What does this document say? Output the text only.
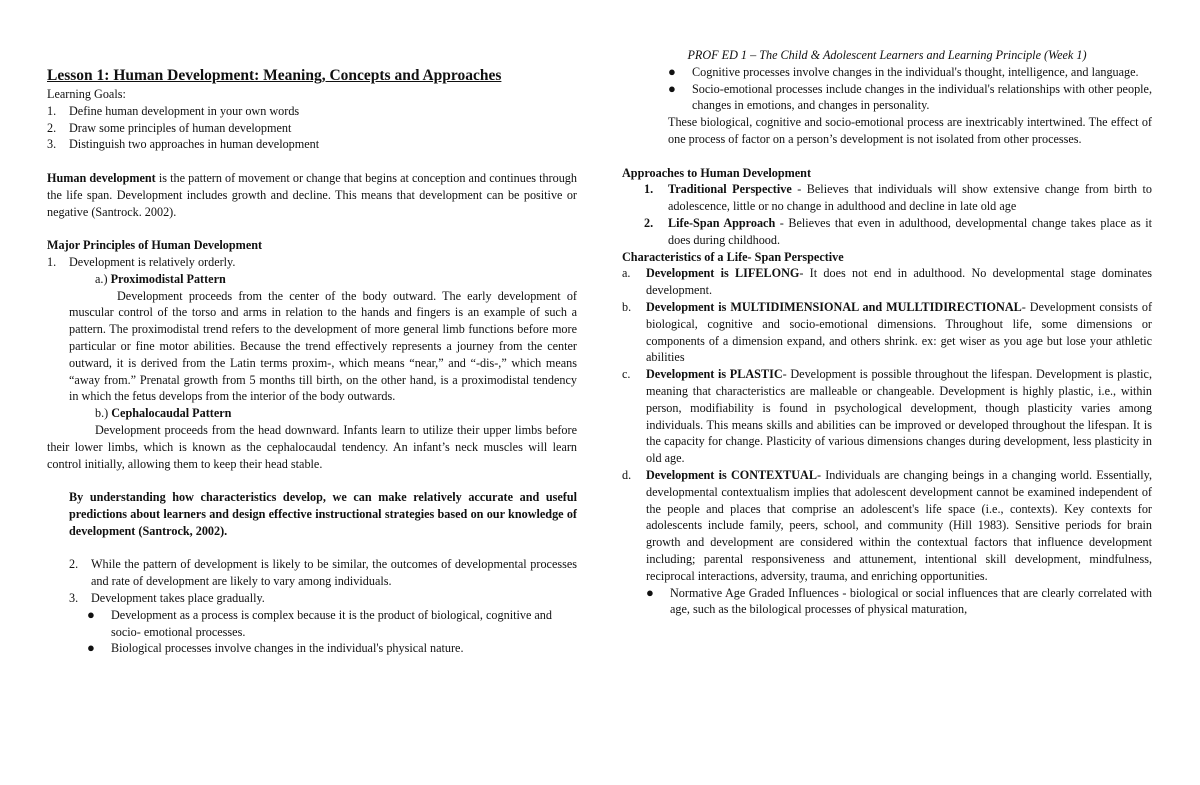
Lesson 1: Human Development: Meaning, Concepts and Approaches
Learning Goals:
1.	Define human development in your own words
2.	Draw some principles of human development
3.	Distinguish two approaches in human development
Human development is the pattern of movement or change that begins at conception and continues through the life span. Development includes growth and decline. This means that development can be positive or negative (Santrock. 2002).
Major Principles of Human Development
1.	Development is relatively orderly.
a.) Proximodistal Pattern
Development proceeds from the center of the body outward. The early development of muscular control of the torso and arms in relation to the hands and fingers is an example of such a pattern. The proximodistal trend refers to the development of more general limb functions before more particular or fine motor abilities. Because the trend effectively represents a journey from the center outward, it is derived from the Latin terms proxim-, which means “near,” and “-dis-,” which means “away from.” Prenatal growth from 5 months till birth, on the other hand, is a proximodistal tendency in which the fetus develops from the interior of the body outwards.
b.) Cephalocaudal Pattern
Development proceeds from the head downward. Infants learn to utilize their upper limbs before their lower limbs, which is known as the cephalocaudal tendency. An infant’s neck muscles will learn control initially, allowing them to keep their head stable.
By understanding how characteristics develop, we can make relatively accurate and useful predictions about learners and design effective instructional strategies based on our knowledge of development (Santrock, 2002).
2.	While the pattern of development is likely to be similar, the outcomes of developmental processes and rate of development are likely to vary among individuals.
3.	Development takes place gradually.
●	Development as a process is complex because it is the product of biological, cognitive and socio- emotional processes.
●	Biological processes involve changes in the individual's physical nature.
PROF ED 1 – The Child & Adolescent Learners and Learning Principle (Week 1)
●	Cognitive processes involve changes in the individual's thought, intelligence, and language.
●	Socio-emotional processes include changes in the individual's relationships with other people, changes in emotions, and changes in personality.
These biological, cognitive and socio-emotional process are inextricably intertwined. The effect of one process of factor on a person’s development is not isolated from other processes.
Approaches to Human Development
1.	Traditional Perspective - Believes that individuals will show extensive change from birth to adolescence, little or no change in adulthood and decline in late old age
2.	Life-Span Approach - Believes that even in adulthood, developmental change takes place as it does during childhood.
Characteristics of a Life- Span Perspective
a.	Development is LIFELONG- It does not end in adulthood. No developmental stage dominates development.
b.	Development is MULTIDIMENSIONAL and MULLTIDIRECTIONAL- Development consists of biological, cognitive and socio-emotional dimensions. Throughout life, some dimensions or components of a dimension expand, and others shrink. ex: get wiser as you age but lose your athletic abilities
c.	Development is PLASTIC- Development is possible throughout the lifespan. Development is plastic, meaning that characteristics are malleable or changeable. Development is highly plastic, i.e., within person, modifiability is found in psychological development, though plasticity varies among individuals. This means skills and abilities can be improved or developed throughout the lifespan. It is the capacity for change. Plasticity of various dimensions changes during development, less plasticity in old age.
d.	Development is CONTEXTUAL- Individuals are changing beings in a changing world. Essentially, developmental contextualism implies that adolescent development cannot be examined independent of the people and places that comprise an adolescent's life space (i.e., contexts). Key contexts for adolescents include family, peers, school, and community (Hill 1983). Sensitive periods for brain growth and development are considered within the contextual factors that influence development including; parental responsiveness and attunement, intentional skill development, mindfulness, reciprocal interactions, adversity, trauma, and enriching opportunities.
●	Normative Age Graded Influences - biological or social influences that are clearly correlated with age, such as the bilological processes of physical maturation,
